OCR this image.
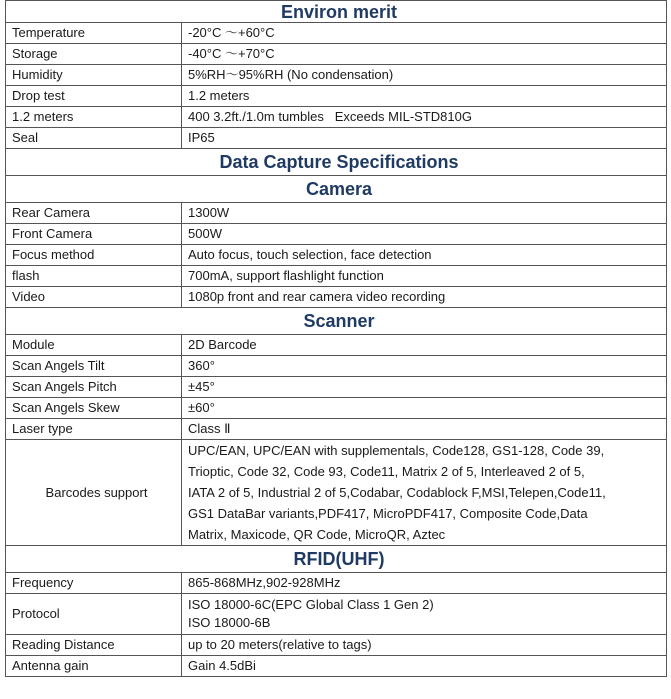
Environ merit	
Temperature	-20°C ～+60°C
Storage	-40°C ～+70°C
Humidity	5%RH～95%RH (No condensation)
Drop test	1.2 meters
1.2 meters	400 3.2ft./1.0m tumbles   Exceeds MIL-STD810G
Seal	IP65
Data Capture Specifications	
Camera	
Rear Camera	1300W
Front Camera	500W
Focus method	Auto focus, touch selection, face detection
flash	700mA, support flashlight function
Video	1080p front and rear camera video recording
Scanner	
Module	2D Barcode
Scan Angels Tilt	360°
Scan Angels Pitch	±45°
Scan Angels Skew	±60°
Laser type	Class Ⅱ
Barcodes support	UPC/EAN, UPC/EAN with supplementals, Code128, GS1-128, Code 39,
Trioptic, Code 32, Code 93, Code11, Matrix 2 of 5, Interleaved 2 of 5,
IATA 2 of 5, Industrial 2 of 5,Codabar, Codablock F,MSI,Telepen,Code11,
GS1 DataBar variants,PDF417, MicroPDF417, Composite Code,Data
Matrix, Maxicode, QR Code, MicroQR, Aztec

RFID(UHF)	
Frequency	865-868MHz,902-928MHz
Protocol	ISO 18000-6C(EPC Global Class 1 Gen 2)
ISO 18000-6B

Reading Distance	up to 20 meters(relative to tags)
Antenna gain	Gain 4.5dBi
